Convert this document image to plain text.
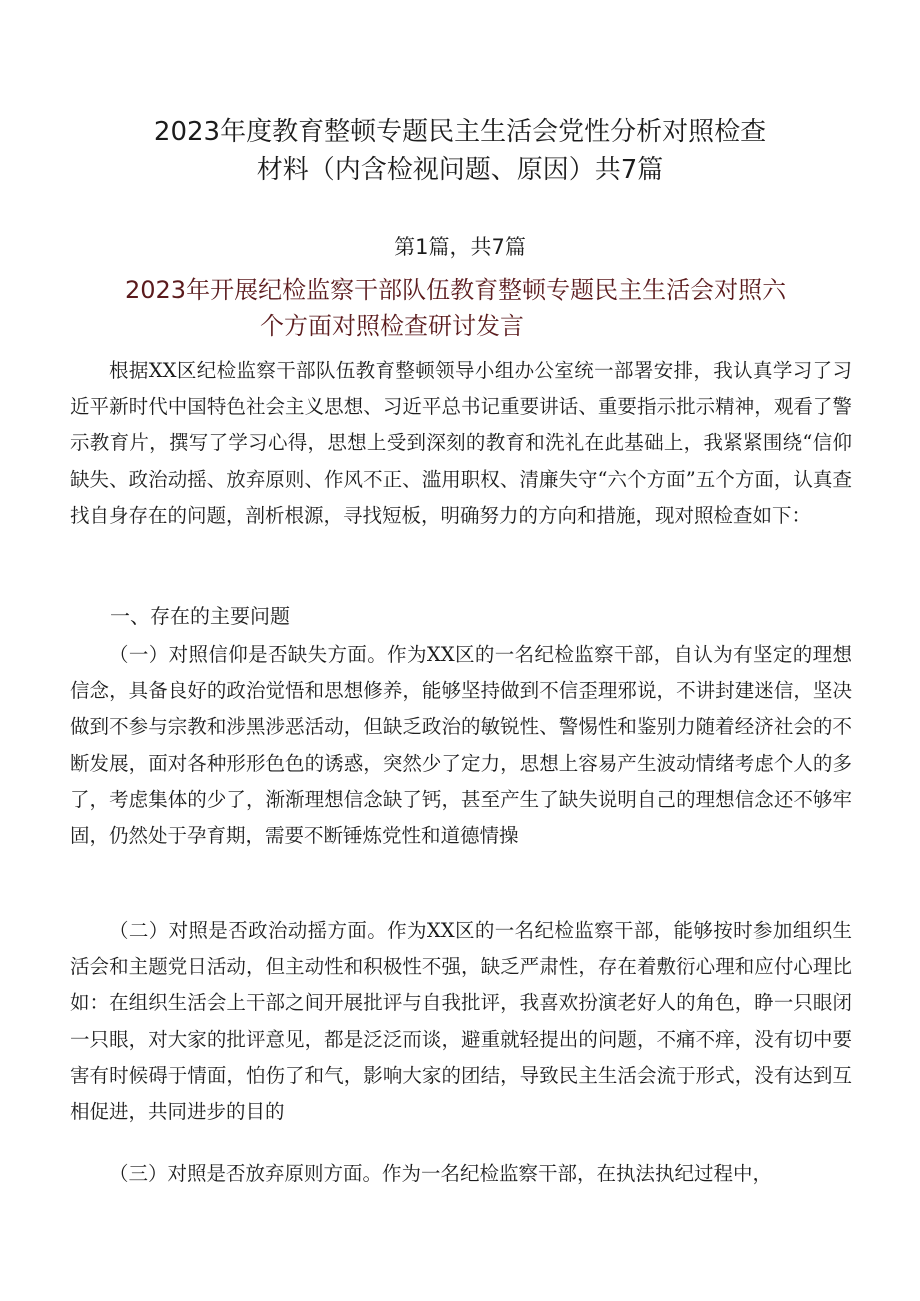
2023年度教育整顿专题民主生活会党性分析对照检查
材料（内含检视问题、原因）共7篇
第1篇，共7篇
2023年开展纪检监察干部队伍教育整顿专题民主生活会对照六
个方面对照检查研讨发言

根据XX区纪检监察干部队伍教育整顿领导小组办公室统一部署安排，我认真学习了习近平新时代中国特色社会主义思想、习近平总书记重要讲话、重要指示批示精神，观看了警示教育片，撰写了学习心得，思想上受到深刻的教育和洗礼在此基础上，我紧紧围绕“信仰缺失、政治动摇、放弃原则、作风不正、滥用职权、清廉失守“六个方面”五个方面，认真查找自身存在的问题，剖析根源，寻找短板，明确努力的方向和措施，现对照检查如下：

一、存在的主要问题

（一）对照信仰是否缺失方面。作为XX区的一名纪检监察干部，自认为有坚定的理想信念，具备良好的政治觉悟和思想修养，能够坚持做到不信歪理邪说，不讲封建迷信，坚决做到不参与宗教和涉黑涉恶活动，但缺乏政治的敏锐性、警惕性和鉴别力随着经济社会的不断发展，面对各种形形色色的诱惑，突然少了定力，思想上容易产生波动情绪考虑个人的多了，考虑集体的少了，渐渐理想信念缺了钙，甚至产生了缺失说明自己的理想信念还不够牢固，仍然处于孕育期，需要不断锤炼党性和道德情操

（二）对照是否政治动摇方面。作为XX区的一名纪检监察干部，能够按时参加组织生活会和主题党日活动，但主动性和积极性不强，缺乏严肃性，存在着敷衍心理和应付心理比如：在组织生活会上干部之间开展批评与自我批评，我喜欢扮演老好人的角色，睁一只眼闭一只眼，对大家的批评意见，都是泛泛而谈，避重就轻提出的问题，不痛不痒，没有切中要害有时候碍于情面，怕伤了和气，影响大家的团结，导致民主生活会流于形式，没有达到互相促进，共同进步的目的

（三）对照是否放弃原则方面。作为一名纪检监察干部，在执法执纪过程中，
